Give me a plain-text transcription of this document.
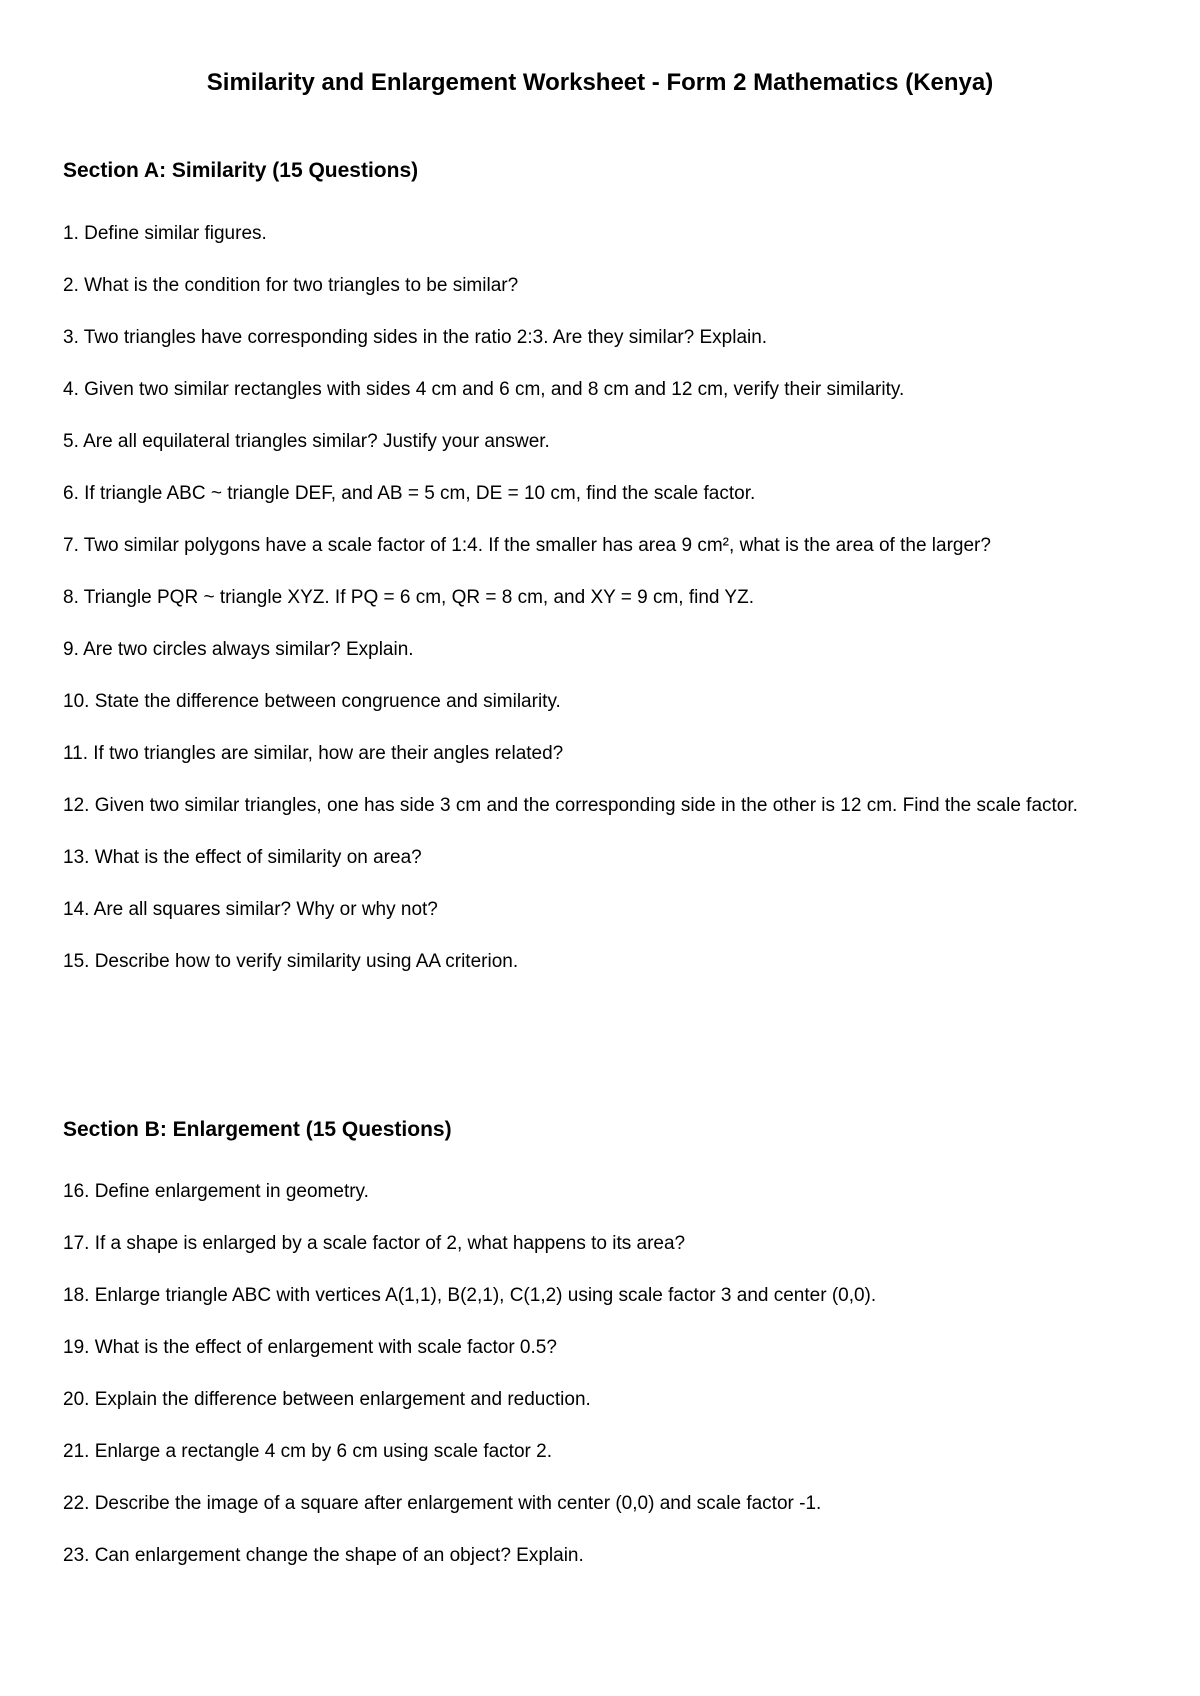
Similarity and Enlargement Worksheet - Form 2 Mathematics (Kenya)
Section A: Similarity (15 Questions)

1. Define similar figures.

2. What is the condition for two triangles to be similar?

3. Two triangles have corresponding sides in the ratio 2:3. Are they similar? Explain.

4. Given two similar rectangles with sides 4 cm and 6 cm, and 8 cm and 12 cm, verify their similarity.

5. Are all equilateral triangles similar? Justify your answer.

6. If triangle ABC ~ triangle DEF, and AB = 5 cm, DE = 10 cm, find the scale factor.

7. Two similar polygons have a scale factor of 1:4. If the smaller has area 9 cm², what is the area of the larger?

8. Triangle PQR ~ triangle XYZ. If PQ = 6 cm, QR = 8 cm, and XY = 9 cm, find YZ.

9. Are two circles always similar? Explain.

10. State the difference between congruence and similarity.

11. If two triangles are similar, how are their angles related?

12. Given two similar triangles, one has side 3 cm and the corresponding side in the other is 12 cm. Find the scale factor.

13. What is the effect of similarity on area?

14. Are all squares similar? Why or why not?

15. Describe how to verify similarity using AA criterion.

Section B: Enlargement (15 Questions)

16. Define enlargement in geometry.

17. If a shape is enlarged by a scale factor of 2, what happens to its area?

18. Enlarge triangle ABC with vertices A(1,1), B(2,1), C(1,2) using scale factor 3 and center (0,0).

19. What is the effect of enlargement with scale factor 0.5?

20. Explain the difference between enlargement and reduction.

21. Enlarge a rectangle 4 cm by 6 cm using scale factor 2.

22. Describe the image of a square after enlargement with center (0,0) and scale factor -1.

23. Can enlargement change the shape of an object? Explain.
